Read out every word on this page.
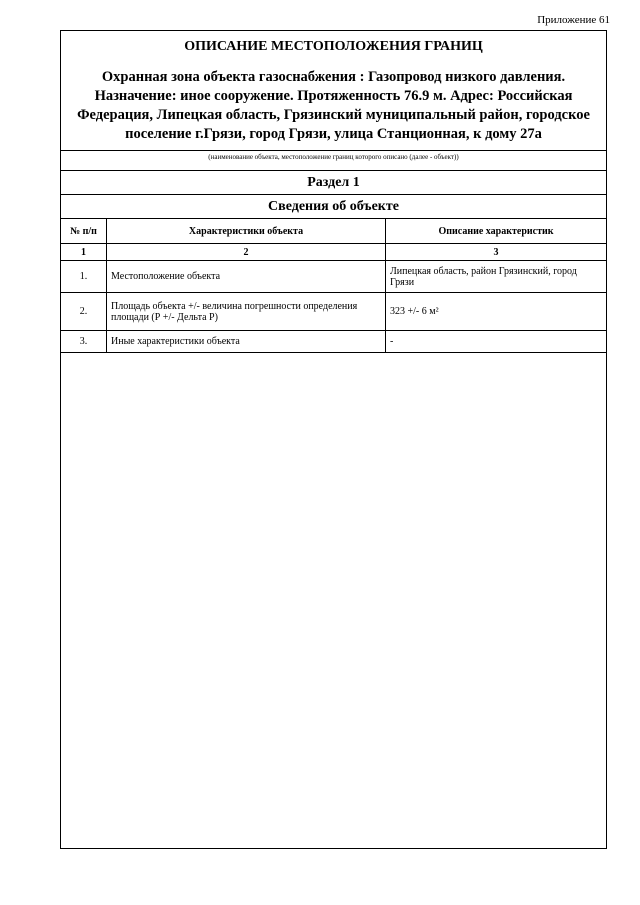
Приложение 61
ОПИСАНИЕ МЕСТОПОЛОЖЕНИЯ ГРАНИЦ
Охранная зона объекта газоснабжения : Газопровод низкого давления. Назначение: иное сооружение. Протяженность 76.9 м. Адрес: Российская Федерация, Липецкая область, Грязинский муниципальный район, городское поселение г.Грязи, город Грязи, улица Станционная, к дому 27а
(наименование объекта, местоположение границ которого описано (далее - объект))
Раздел 1
Сведения об объекте
№ п/п	Характеристики объекта	Описание характеристик
1	2	3
1.	Местоположение объекта	Липецкая область, район Грязинский, город Грязи
2.	Площадь объекта +/- величина погрешности определения площади (Р +/- Дельта Р)	323 +/- 6 м²
3.	Иные характеристики объекта	-
